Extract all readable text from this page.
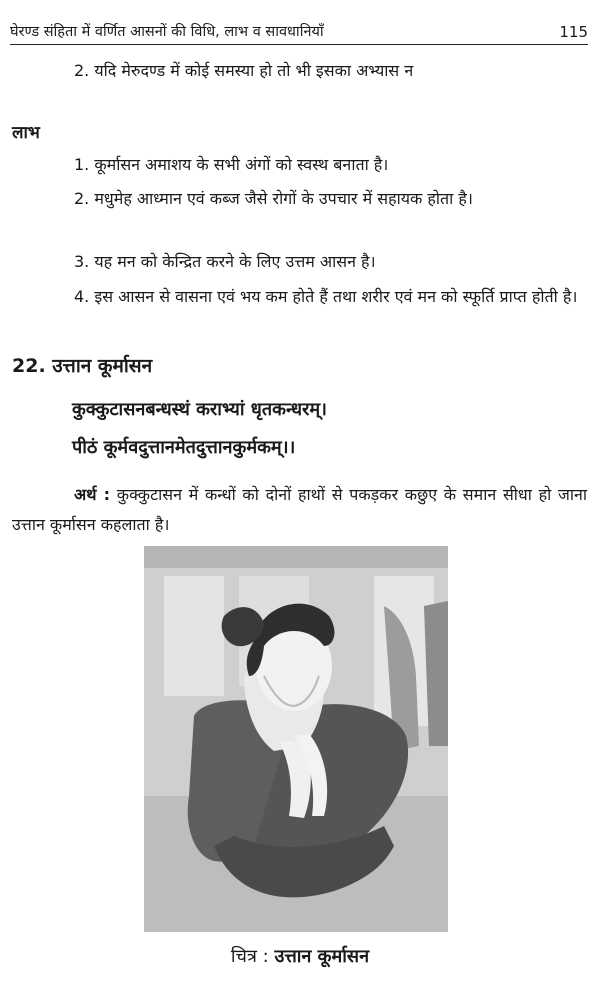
घेरण्ड संहिता में वर्णित आसनों की विधि, लाभ व सावधानियाँ	115

2. यदि मेरुदण्ड में कोई समस्या हो तो भी इसका अभ्यास न

लाभ

1. कूर्मासन अमाशय के सभी अंगों को स्वस्थ बनाता है।

2. मधुमेह आध्मान एवं कब्ज जैसे रोगों के उपचार में सहायक होता है।

3. यह मन को केन्द्रित करने के लिए उत्तम आसन है।

4. इस आसन से वासना एवं भय कम होते हैं तथा शरीर एवं मन को स्फूर्ति प्राप्त होती है।

22. उत्तान कूर्मासन

कुक्कुटासनबन्धस्थं कराभ्यां धृतकन्धरम्।

पीठं कूर्मवदुत्तानमेतदुत्तानकुर्मकम्।।

अर्थ : कुक्कुटासन में कन्धों को दोनों हाथों से पकड़कर कछुए के समान सीधा हो जाना उत्तान कूर्मासन कहलाता है।

चित्र : उत्तान कूर्मासन
